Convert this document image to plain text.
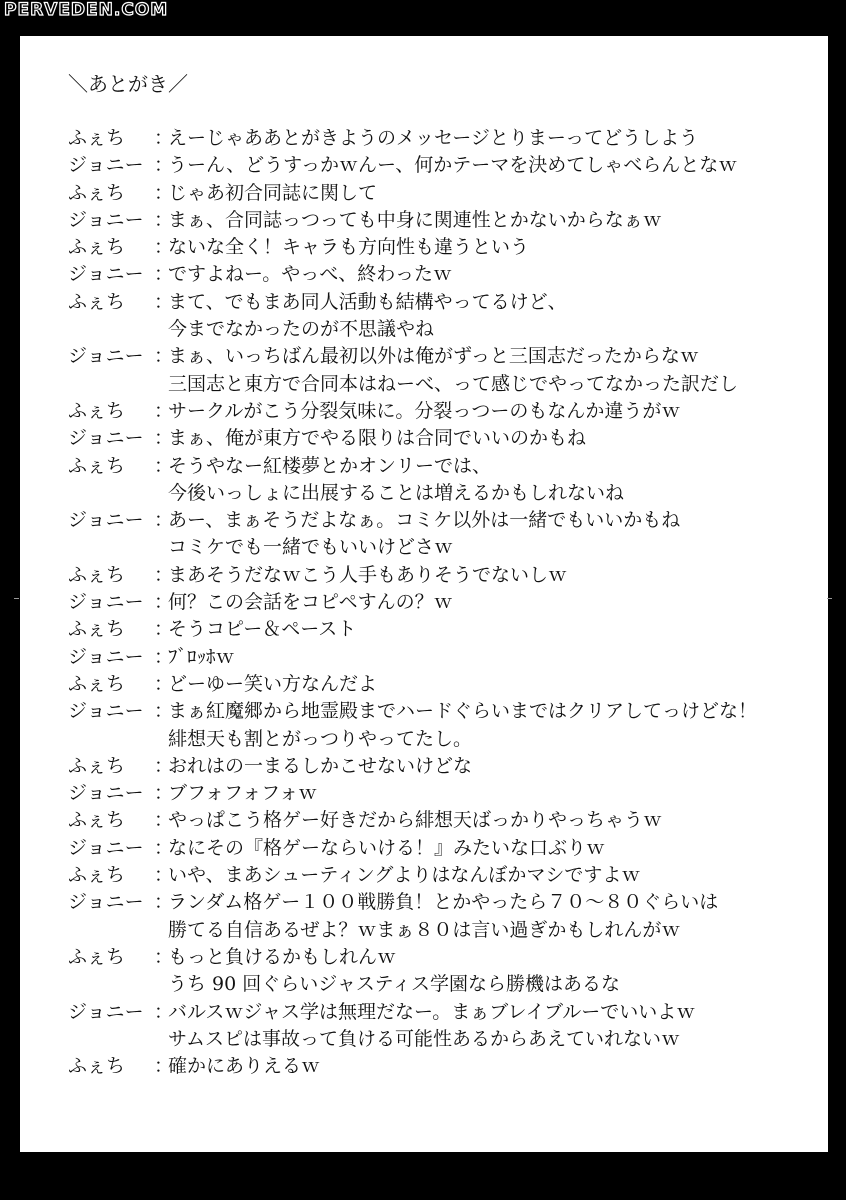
PERVEDEN.COM
＼あとがき／
ふぇち	：
えーじゃああとがきようのメッセージとりまーってどうしよう
ジョニー ：
うーん、どうすっかｗんー、何かテーマを決めてしゃべらんとなｗ
ふぇち	：
じゃあ初合同誌に関して
ジョニー ：
まぁ、合同誌っつっても中身に関連性とかないからなぁｗ
ふぇち	：
ないな全く！キャラも方向性も違うという
ジョニー ：
ですよねー。やっべ、終わったｗ
ふぇち	：
まて、でもまあ同人活動も結構やってるけど、
今までなかったのが不思議やね
ジョニー ：
まぁ、いっちばん最初以外は俺がずっと三国志だったからなｗ
三国志と東方で合同本はねーべ、って感じでやってなかった訳だし
ふぇち	：
サークルがこう分裂気味に。分裂っつーのもなんか違うがｗ
ジョニー ：
まぁ、俺が東方でやる限りは合同でいいのかもね
ふぇち	：
そうやなー紅楼夢とかオンリーでは、
今後いっしょに出展することは増えるかもしれないね
ジョニー ：
あー、まぁそうだよなぁ。コミケ以外は一緒でもいいかもね
コミケでも一緒でもいいけどさｗ
ふぇち	：
まあそうだなｗこう人手もありそうでないしｗ
ジョニー ：
何？この会話をコピペすんの？ｗ
ふぇち	：
そうコピー＆ペースト
ジョニー ：
ﾌﾞﾛｯﾎｗ
ふぇち	：
どーゆー笑い方なんだよ
ジョニー ：
まぁ紅魔郷から地霊殿までハードぐらいまではクリアしてっけどな！
緋想天も割とがっつりやってたし。
ふぇち	：
おれはの一まるしかこせないけどな
ジョニー ：
ブフォフォフォｗ
ふぇち	：
やっぱこう格ゲー好きだから緋想天ばっかりやっちゃうｗ
ジョニー ：
なにその『格ゲーならいける！』みたいな口ぶりｗ
ふぇち	：
いや、まあシューティングよりはなんぼかマシですよｗ
ジョニー ：
ランダム格ゲー１００戦勝負！とかやったら７０～８０ぐらいは
勝てる自信あるぜよ？ｗまぁ８０は言い過ぎかもしれんがｗ
ふぇち	：
もっと負けるかもしれんｗ
うち 90 回ぐらいジャスティス学園なら勝機はあるな
ジョニー ：
バルスｗジャス学は無理だなー。まぁブレイブルーでいいよｗ
サムスピは事故って負ける可能性あるからあえていれないｗ
ふぇち	：
確かにありえるｗ
